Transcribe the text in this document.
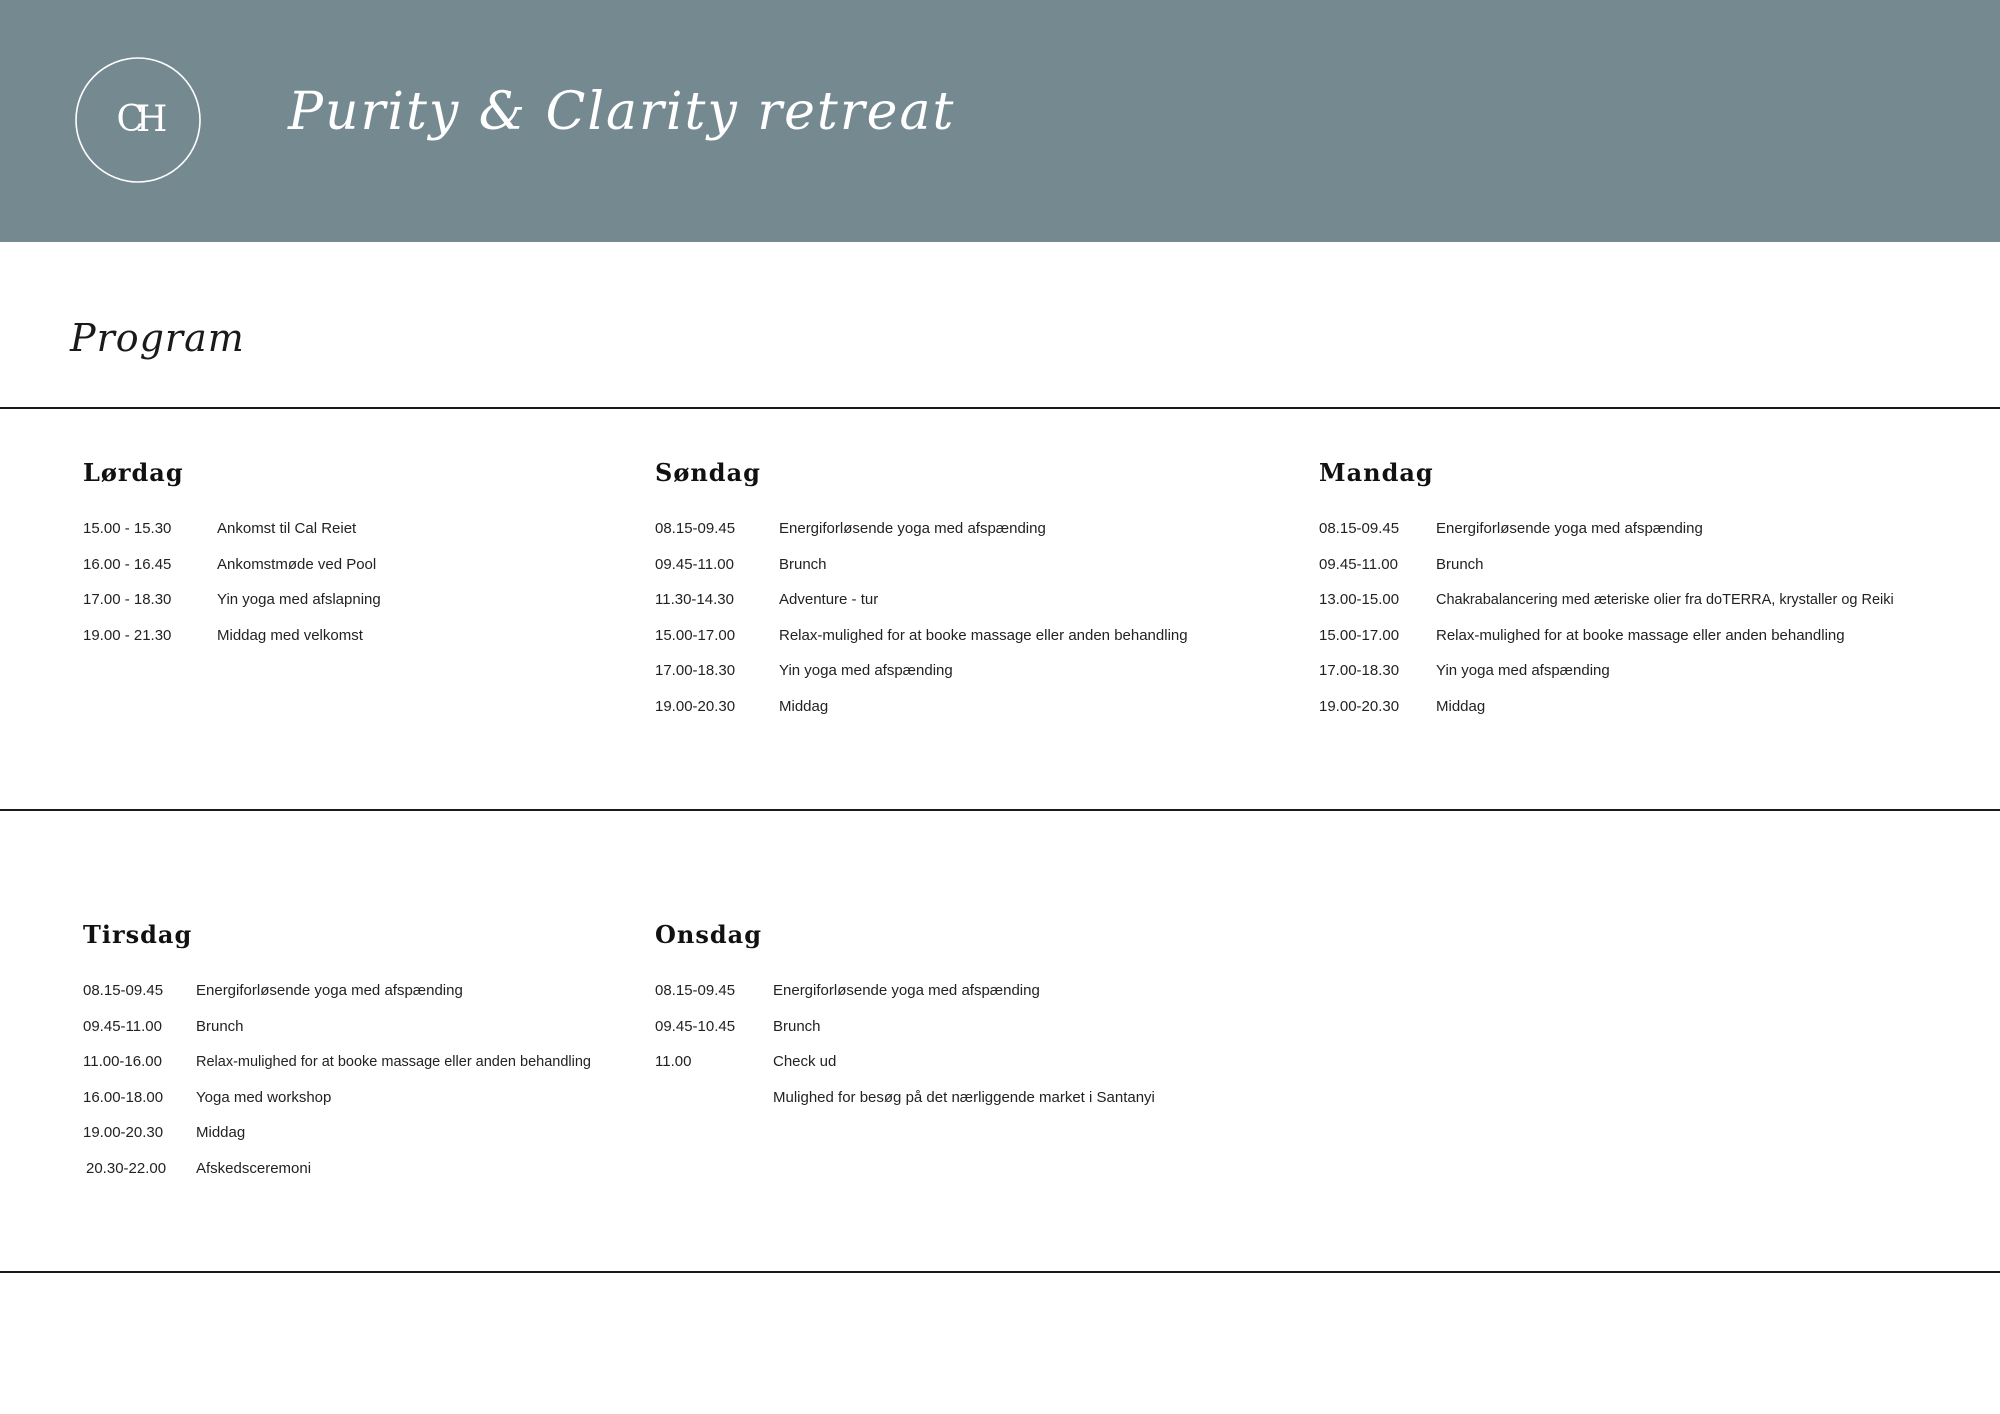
CH Purity & Clarity retreat
Program
Lørdag
15.00 - 15.30	Ankomst til Cal Reiet
16.00 - 16.45	Ankomstmøde ved Pool
17.00 - 18.30	Yin yoga med afslapning
19.00 - 21.30	Middag med velkomst
Søndag
08.15-09.45	Energiforløsende yoga med afspænding
09.45-11.00	Brunch
11.30-14.30	Adventure - tur
15.00-17.00	Relax-mulighed for at booke massage eller anden behandling
17.00-18.30	Yin yoga med afspænding
19.00-20.30	Middag
Mandag
08.15-09.45	Energiforløsende yoga med afspænding
09.45-11.00	Brunch
13.00-15.00	Chakrabalancering med æteriske olier fra doTERRA, krystaller og Reiki
15.00-17.00	Relax-mulighed for at booke massage eller anden behandling
17.00-18.30	Yin yoga med afspænding
19.00-20.30	Middag
Tirsdag
08.15-09.45	Energiforløsende yoga med afspænding
09.45-11.00	Brunch
11.00-16.00	Relax-mulighed for at booke massage eller anden behandling
16.00-18.00	Yoga med workshop
19.00-20.30	Middag
20.30-22.00	Afskedsceremoni
Onsdag
08.15-09.45	Energiforløsende yoga med afspænding
09.45-10.45	Brunch
11.00	Check ud
Mulighed for besøg på det nærliggende market i Santanyi
